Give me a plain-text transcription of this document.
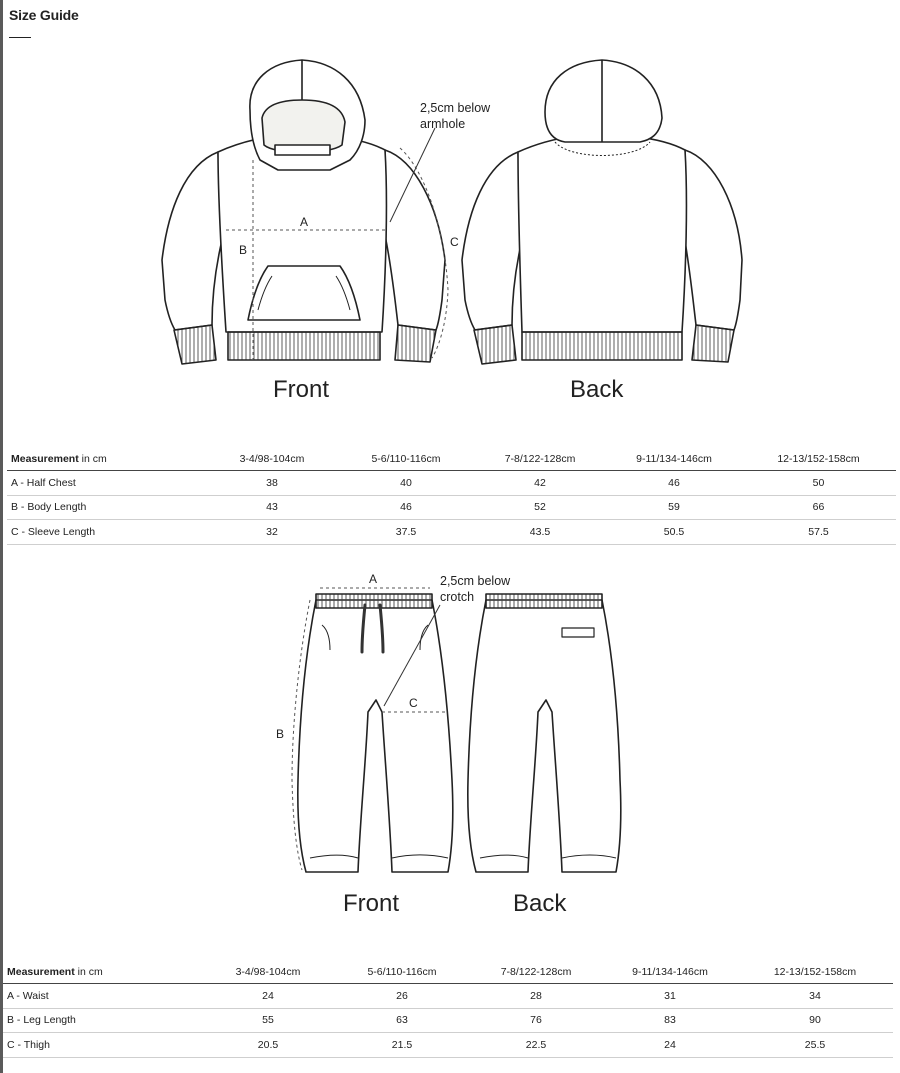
Size Guide
A
B
C
2,5cm below
armhole
Front	Back
Measurement in cm	3-4/98-104cm	5-6/110-116cm	7-8/122-128cm	9-11/134-146cm	12-13/152-158cm
A - Half Chest	38	40	42	46	50
B - Body Length	43	46	52	59	66
C - Sleeve Length	32	37.5	43.5	50.5	57.5
A
B
C
2,5cm below
crotch
Front	Back
Measurement in cm	3-4/98-104cm	5-6/110-116cm	7-8/122-128cm	9-11/134-146cm	12-13/152-158cm
A - Waist	24	26	28	31	34
B - Leg Length	55	63	76	83	90
C - Thigh	20.5	21.5	22.5	24	25.5
